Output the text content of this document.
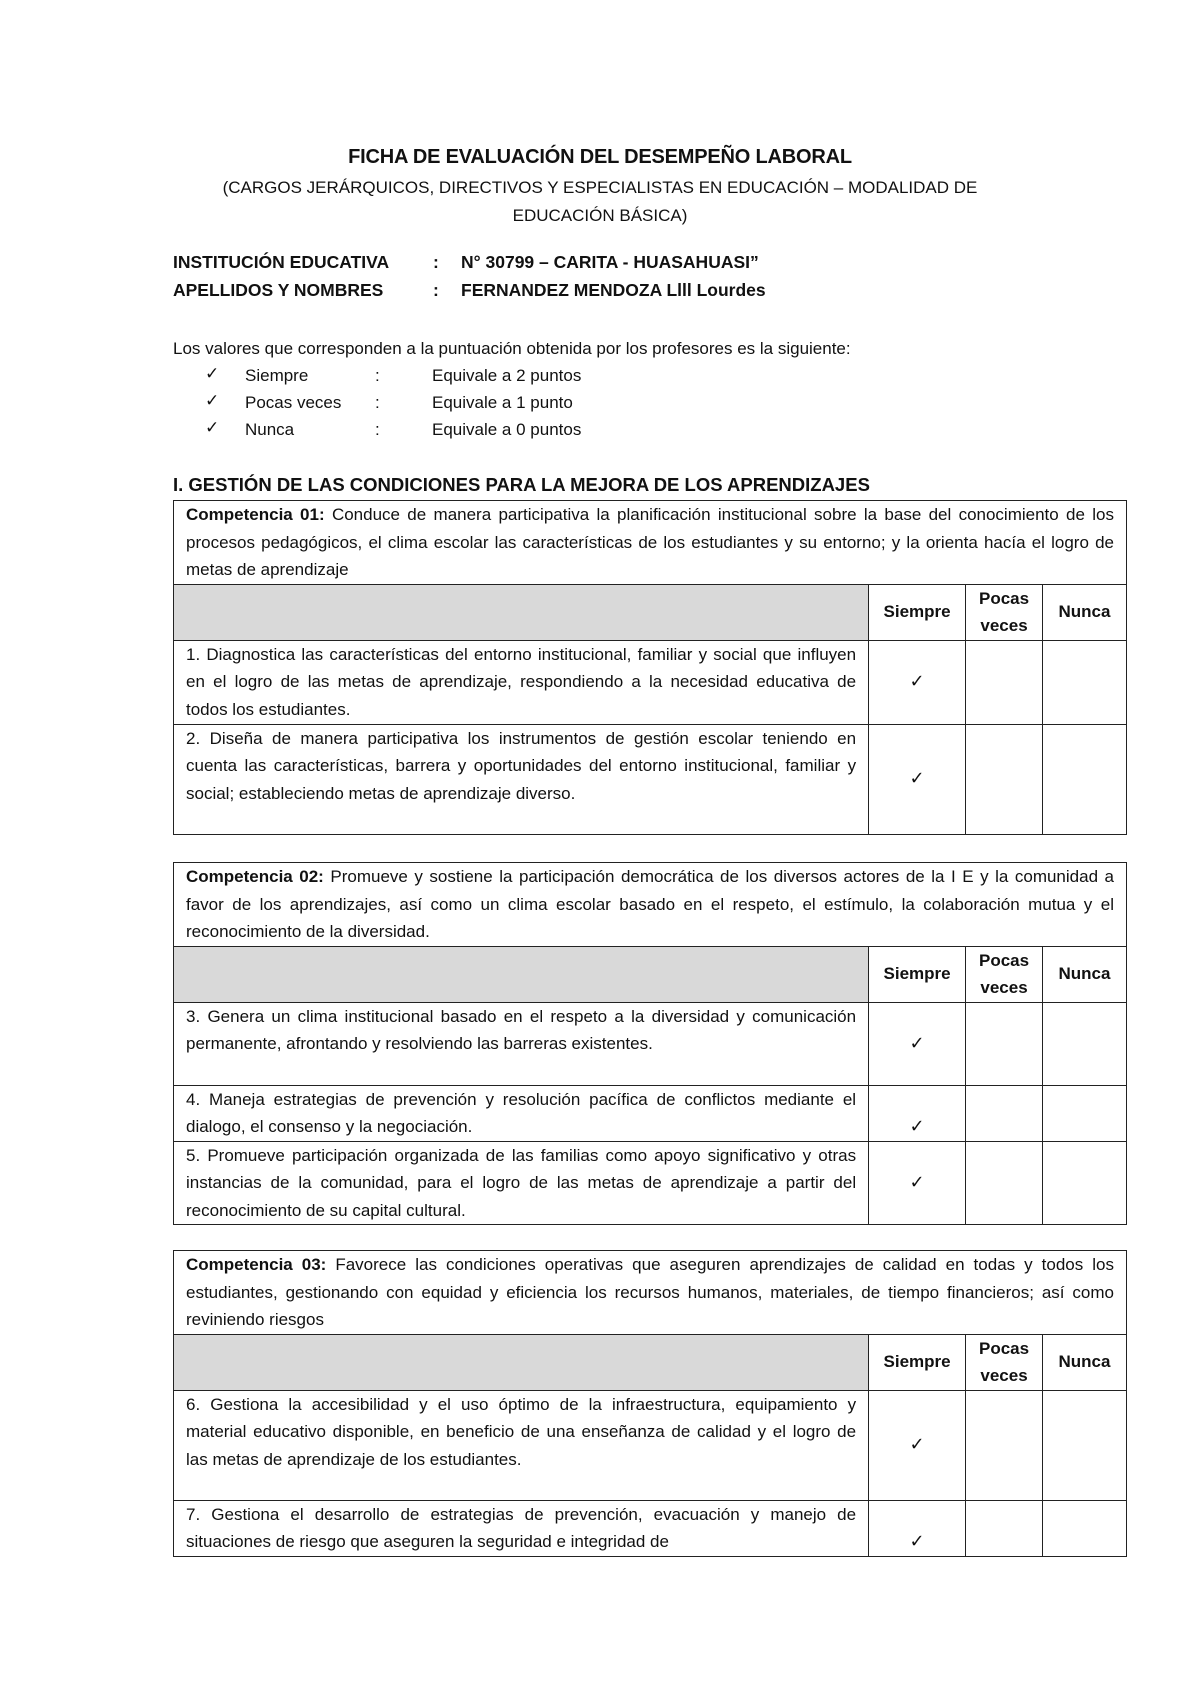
FICHA DE EVALUACIÓN DEL DESEMPEÑO LABORAL
(CARGOS JERÁRQUICOS, DIRECTIVOS Y ESPECIALISTAS EN EDUCACIÓN – MODALIDAD DE EDUCACIÓN BÁSICA)
INSTITUCIÓN EDUCATIVA	: N° 30799 – CARITA - HUASAHUASI”
APELLIDOS Y NOMBRES	: FERNANDEZ MENDOZA Llll Lourdes
Los valores que corresponden a la puntuación obtenida por los profesores es la siguiente:
✓ Siempre	:	Equivale a 2 puntos
✓ Pocas veces :	Equivale a 1 punto
✓ Nunca	:	Equivale a 0 puntos
I. GESTIÓN DE LAS CONDICIONES PARA LA MEJORA DE LOS APRENDIZAJES
Competencia 01: Conduce de manera participativa la planificación institucional sobre la base del conocimiento de los procesos pedagógicos, el clima escolar las características de los estudiantes y su entorno; y la orienta hacía el logro de metas de aprendizaje			
	Siempre	Pocas veces	Nunca
1. Diagnostica las características del entorno institucional, familiar y social que influyen en el logro de las metas de aprendizaje, respondiendo a la necesidad educativa de todos los estudiantes.	✓		
2. Diseña de manera participativa los instrumentos de gestión escolar teniendo en cuenta las características, barrera y oportunidades del entorno institucional, familiar y social; estableciendo metas de aprendizaje diverso.	✓		
Competencia 02: Promueve y sostiene la participación democrática de los diversos actores de la I E y la comunidad a favor de los aprendizajes, así como un clima escolar basado en el respeto, el estímulo, la colaboración mutua y el reconocimiento de la diversidad.			
	Siempre	Pocas veces	Nunca
3. Genera un clima institucional basado en el respeto a la diversidad y comunicación permanente, afrontando y resolviendo las barreras existentes.	✓		
4. Maneja estrategias de prevención y resolución pacífica de conflictos mediante el dialogo, el consenso y la negociación.	✓		
5. Promueve participación organizada de las familias como apoyo significativo y otras instancias de la comunidad, para el logro de las metas de aprendizaje a partir del reconocimiento de su capital cultural.	✓		
Competencia 03: Favorece las condiciones operativas que aseguren aprendizajes de calidad en todas y todos los estudiantes, gestionando con equidad y eficiencia los recursos humanos, materiales, de tiempo financieros; así como reviniendo riesgos			
	Siempre	Pocas veces	Nunca
6. Gestiona la accesibilidad y el uso óptimo de la infraestructura, equipamiento y material educativo disponible, en beneficio de una enseñanza de calidad y el logro de las metas de aprendizaje de los estudiantes.	✓		
7. Gestiona el desarrollo de estrategias de prevención, evacuación y manejo de situaciones de riesgo que aseguren la seguridad e integridad de	✓		
